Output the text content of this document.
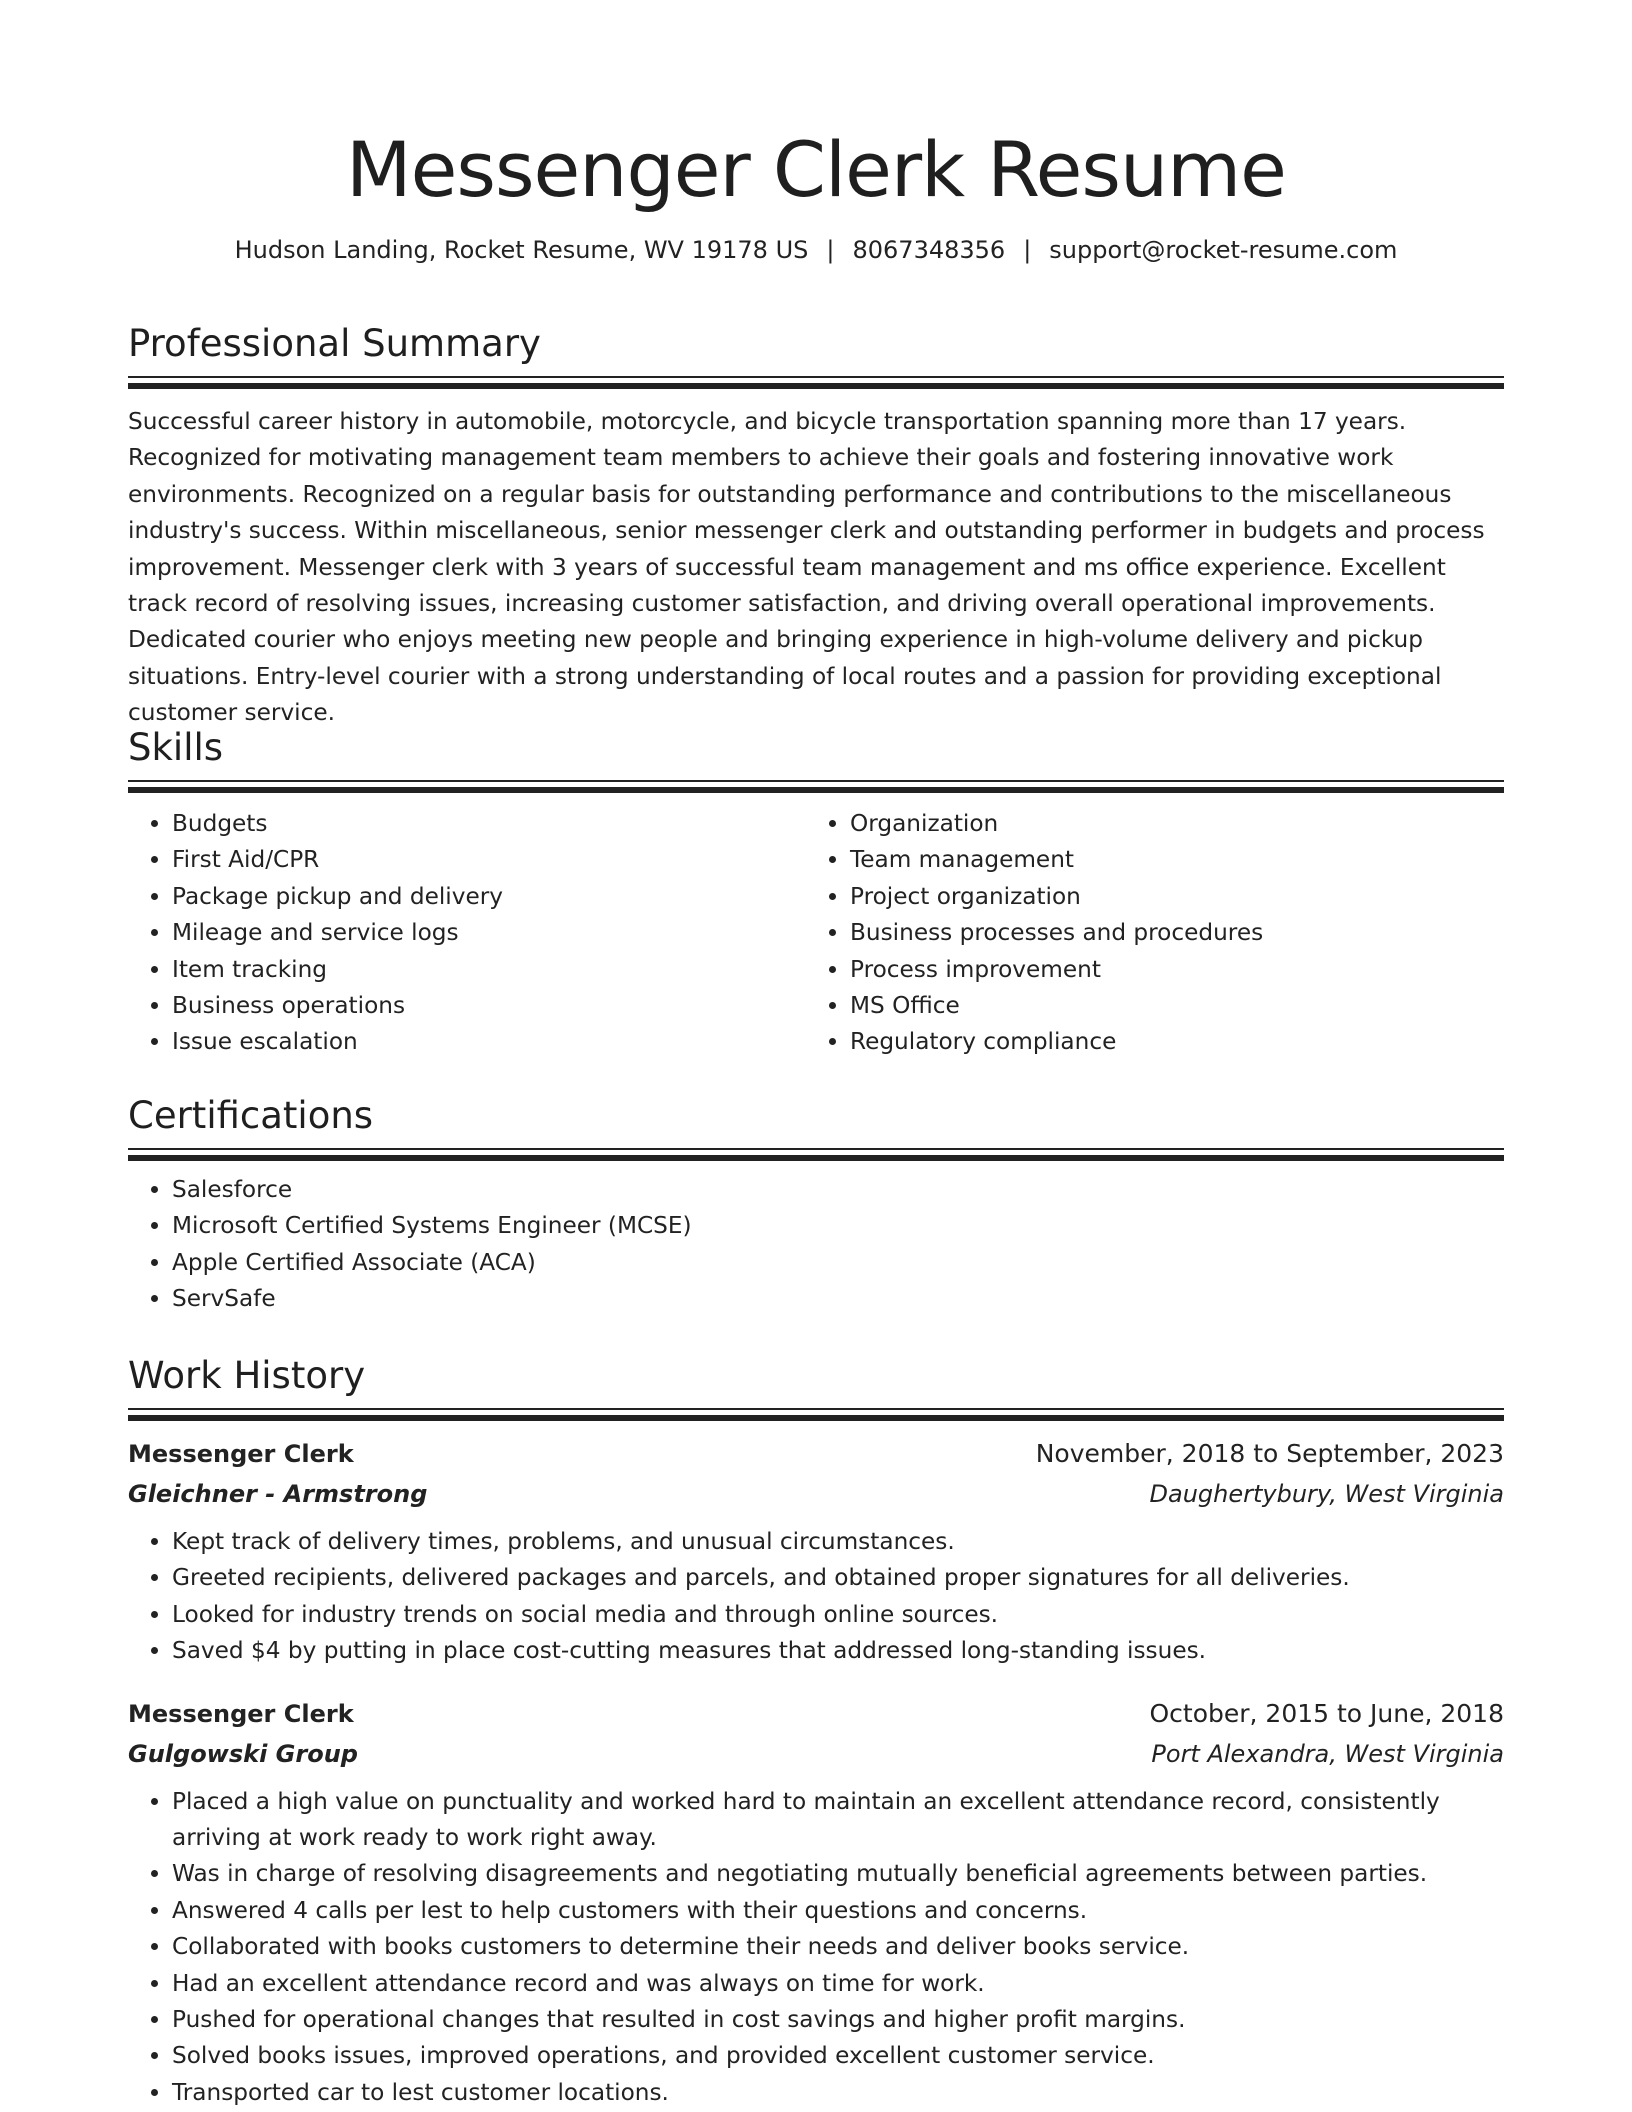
Messenger Clerk Resume
Hudson Landing, Rocket Resume, WV 19178 US | 8067348356 | support@rocket-resume.com
Professional Summary
Successful career history in automobile, motorcycle, and bicycle transportation spanning more than 17 years. Recognized for motivating management team members to achieve their goals and fostering innovative work environments. Recognized on a regular basis for outstanding performance and contributions to the miscellaneous industry's success. Within miscellaneous, senior messenger clerk and outstanding performer in budgets and process improvement. Messenger clerk with 3 years of successful team management and ms office experience. Excellent track record of resolving issues, increasing customer satisfaction, and driving overall operational improvements. Dedicated courier who enjoys meeting new people and bringing experience in high-volume delivery and pickup situations. Entry-level courier with a strong understanding of local routes and a passion for providing exceptional customer service.
Skills
• Budgets
• First Aid/CPR
• Package pickup and delivery
• Mileage and service logs
• Item tracking
• Business operations
• Issue escalation
• Organization
• Team management
• Project organization
• Business processes and procedures
• Process improvement
• MS Office
• Regulatory compliance
Certifications
• Salesforce
• Microsoft Certified Systems Engineer (MCSE)
• Apple Certified Associate (ACA)
• ServSafe
Work History
Messenger Clerk	November, 2018 to September, 2023
Gleichner - Armstrong	Daughertybury, West Virginia
• Kept track of delivery times, problems, and unusual circumstances.
• Greeted recipients, delivered packages and parcels, and obtained proper signatures for all deliveries.
• Looked for industry trends on social media and through online sources.
• Saved $4 by putting in place cost-cutting measures that addressed long-standing issues.
Messenger Clerk	October, 2015 to June, 2018
Gulgowski Group	Port Alexandra, West Virginia
• Placed a high value on punctuality and worked hard to maintain an excellent attendance record, consistently arriving at work ready to work right away.
• Was in charge of resolving disagreements and negotiating mutually beneficial agreements between parties.
• Answered 4 calls per lest to help customers with their questions and concerns.
• Collaborated with books customers to determine their needs and deliver books service.
• Had an excellent attendance record and was always on time for work.
• Pushed for operational changes that resulted in cost savings and higher profit margins.
• Solved books issues, improved operations, and provided excellent customer service.
• Transported car to lest customer locations.
